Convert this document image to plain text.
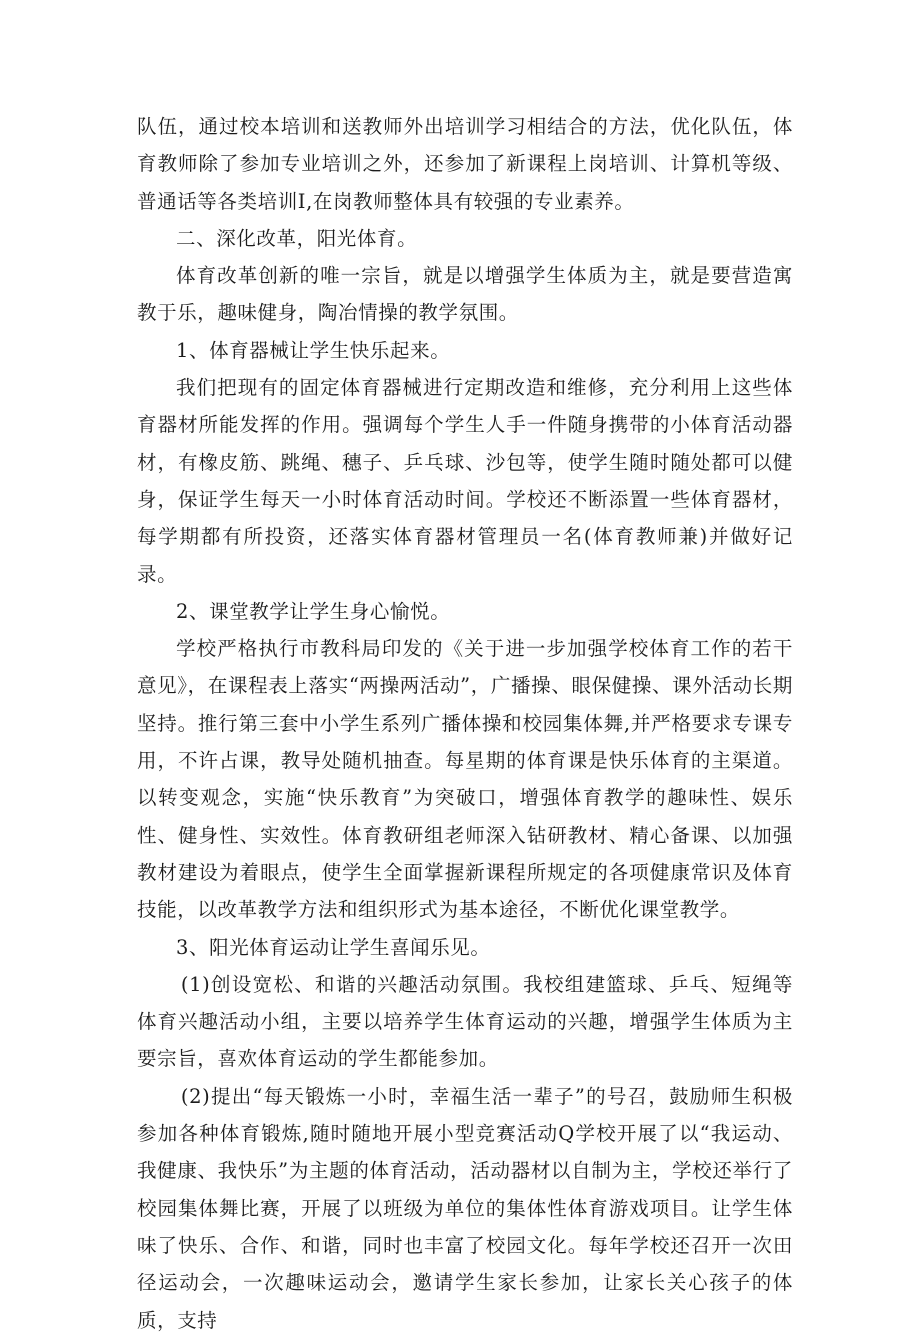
队伍，通过校本培训和送教师外出培训学习相结合的方法，优化队伍，体育教师除了参加专业培训之外，还参加了新课程上岗培训、计算机等级、普通话等各类培训Ⅰ,在岗教师整体具有较强的专业素养。

二、深化改革，阳光体育。

体育改革创新的唯一宗旨，就是以增强学生体质为主，就是要营造寓教于乐，趣味健身，陶冶情操的教学氛围。

1、体育器械让学生快乐起来。

我们把现有的固定体育器械进行定期改造和维修，充分利用上这些体育器材所能发挥的作用。强调每个学生人手一件随身携带的小体育活动器材，有橡皮筋、跳绳、穗子、乒乓球、沙包等，使学生随时随处都可以健身，保证学生每天一小时体育活动时间。学校还不断添置一些体育器材，每学期都有所投资，还落实体育器材管理员一名(体育教师兼)并做好记录。

2、课堂教学让学生身心愉悦。

学校严格执行市教科局印发的《关于进一步加强学校体育工作的若干意见》，在课程表上落实“两操两活动”，广播操、眼保健操、课外活动长期坚持。推行第三套中小学生系列广播体操和校园集体舞,并严格要求专课专用，不许占课，教导处随机抽查。每星期的体育课是快乐体育的主渠道。以转变观念，实施“快乐教育”为突破口，增强体育教学的趣味性、娱乐性、健身性、实效性。体育教研组老师深入钻研教材、精心备课、以加强教材建设为着眼点，使学生全面掌握新课程所规定的各项健康常识及体育技能，以改革教学方法和组织形式为基本途径，不断优化课堂教学。

3、阳光体育运动让学生喜闻乐见。

(1)创设宽松、和谐的兴趣活动氛围。我校组建篮球、乒乓、短绳等体育兴趣活动小组，主要以培养学生体育运动的兴趣，增强学生体质为主要宗旨，喜欢体育运动的学生都能参加。

(2)提出“每天锻炼一小时，幸福生活一辈子”的号召，鼓励师生积极参加各种体育锻炼,随时随地开展小型竞赛活动Q学校开展了以“我运动、我健康、我快乐”为主题的体育活动，活动器材以自制为主，学校还举行了校园集体舞比赛，开展了以班级为单位的集体性体育游戏项目。让学生体味了快乐、合作、和谐，同时也丰富了校园文化。每年学校还召开一次田径运动会，一次趣味运动会，邀请学生家长参加，让家长关心孩子的体质，支持
